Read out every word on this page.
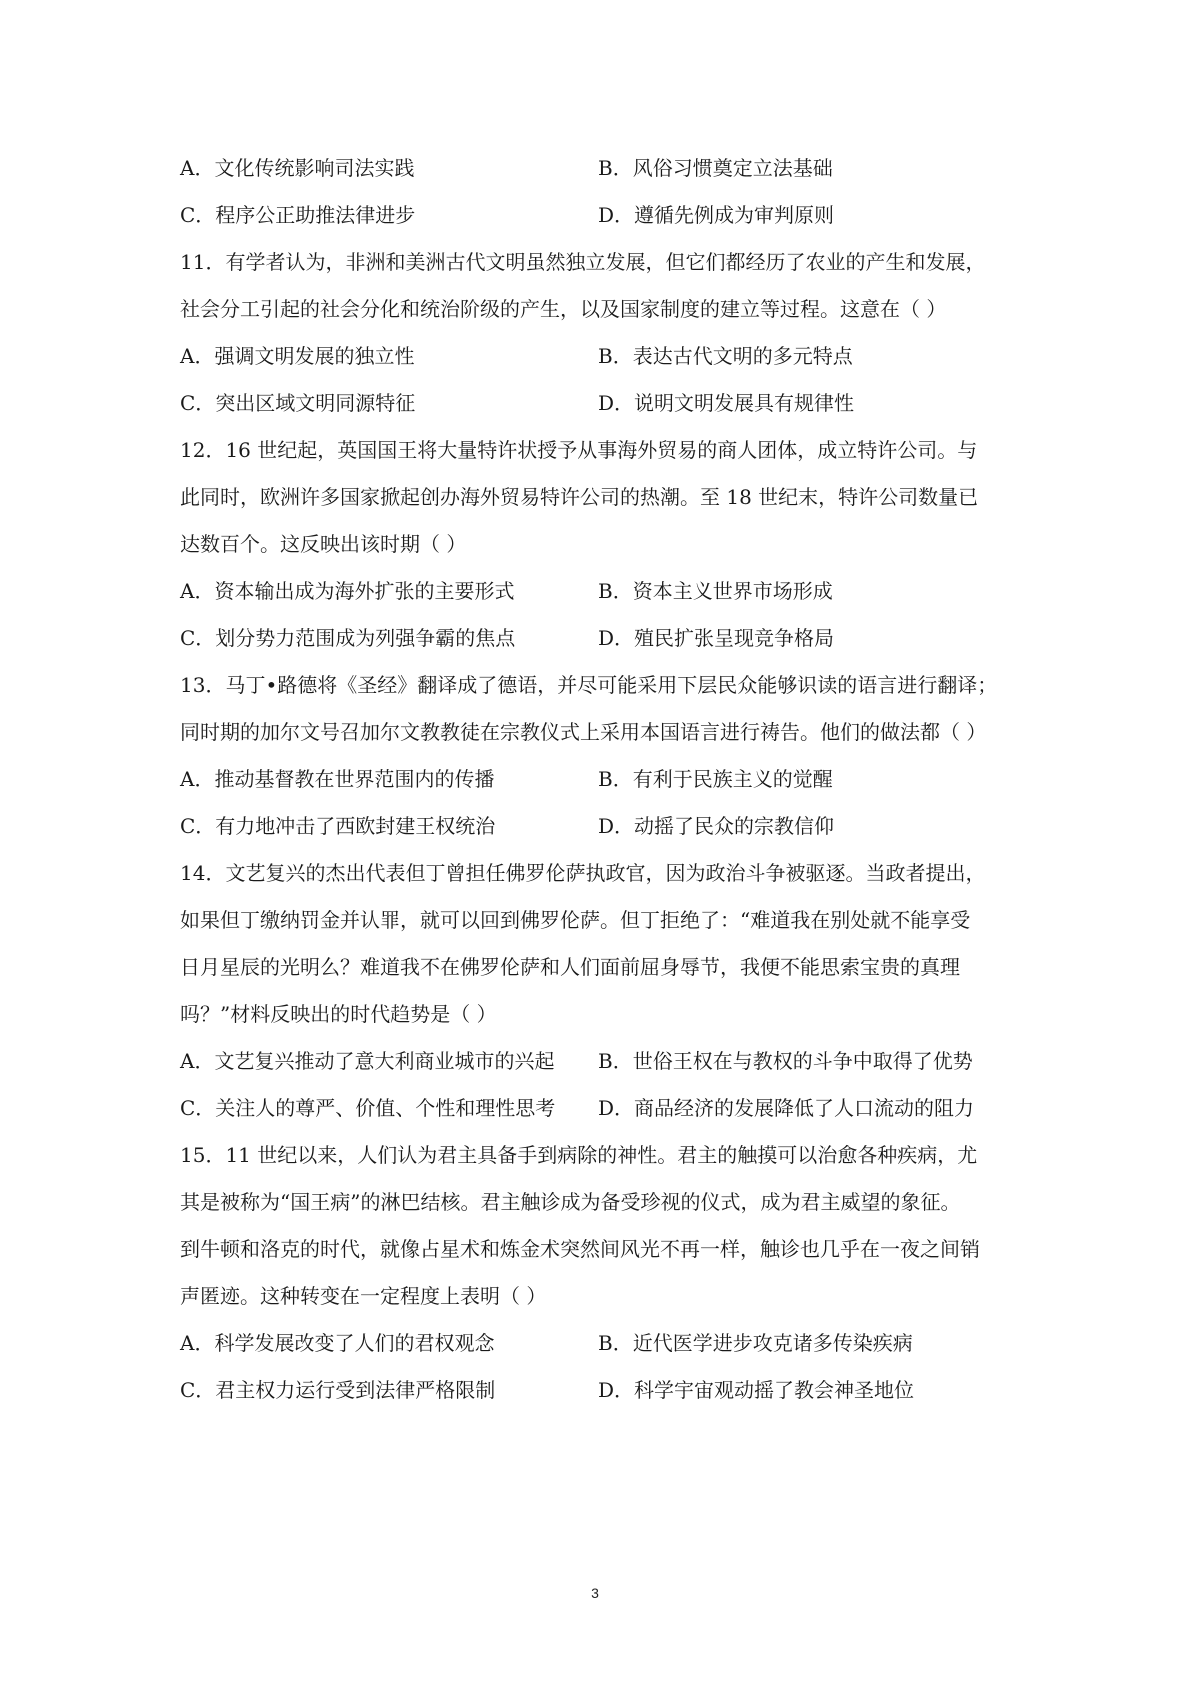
A．文化传统影响司法实践	B．风俗习惯奠定立法基础
C．程序公正助推法律进步	D．遵循先例成为审判原则
11．有学者认为，非洲和美洲古代文明虽然独立发展，但它们都经历了农业的产生和发展，
社会分工引起的社会分化和统治阶级的产生，以及国家制度的建立等过程。这意在（ ）
A．强调文明发展的独立性	B．表达古代文明的多元特点
C．突出区域文明同源特征	D．说明文明发展具有规律性
12．16 世纪起，英国国王将大量特许状授予从事海外贸易的商人团体，成立特许公司。与
此同时，欧洲许多国家掀起创办海外贸易特许公司的热潮。至 18 世纪末，特许公司数量已
达数百个。这反映出该时期（ ）
A．资本输出成为海外扩张的主要形式	B．资本主义世界市场形成
C．划分势力范围成为列强争霸的焦点	D．殖民扩张呈现竞争格局
13．马丁•路德将《圣经》翻译成了德语，并尽可能采用下层民众能够识读的语言进行翻译；
同时期的加尔文号召加尔文教教徒在宗教仪式上采用本国语言进行祷告。他们的做法都（ ）
A．推动基督教在世界范围内的传播	B．有利于民族主义的觉醒
C．有力地冲击了西欧封建王权统治	D．动摇了民众的宗教信仰
14．文艺复兴的杰出代表但丁曾担任佛罗伦萨执政官，因为政治斗争被驱逐。当政者提出，
如果但丁缴纳罚金并认罪，就可以回到佛罗伦萨。但丁拒绝了：“难道我在别处就不能享受
日月星辰的光明么？难道我不在佛罗伦萨和人们面前屈身辱节，我便不能思索宝贵的真理
吗？”材料反映出的时代趋势是（ ）
A．文艺复兴推动了意大利商业城市的兴起	B．世俗王权在与教权的斗争中取得了优势
C．关注人的尊严、价值、个性和理性思考	D．商品经济的发展降低了人口流动的阻力
15．11 世纪以来，人们认为君主具备手到病除的神性。君主的触摸可以治愈各种疾病，尤
其是被称为“国王病”的淋巴结核。君主触诊成为备受珍视的仪式，成为君主威望的象征。
到牛顿和洛克的时代，就像占星术和炼金术突然间风光不再一样，触诊也几乎在一夜之间销
声匿迹。这种转变在一定程度上表明（ ）
A．科学发展改变了人们的君权观念	B．近代医学进步攻克诸多传染疾病
C．君主权力运行受到法律严格限制	D．科学宇宙观动摇了教会神圣地位
3
